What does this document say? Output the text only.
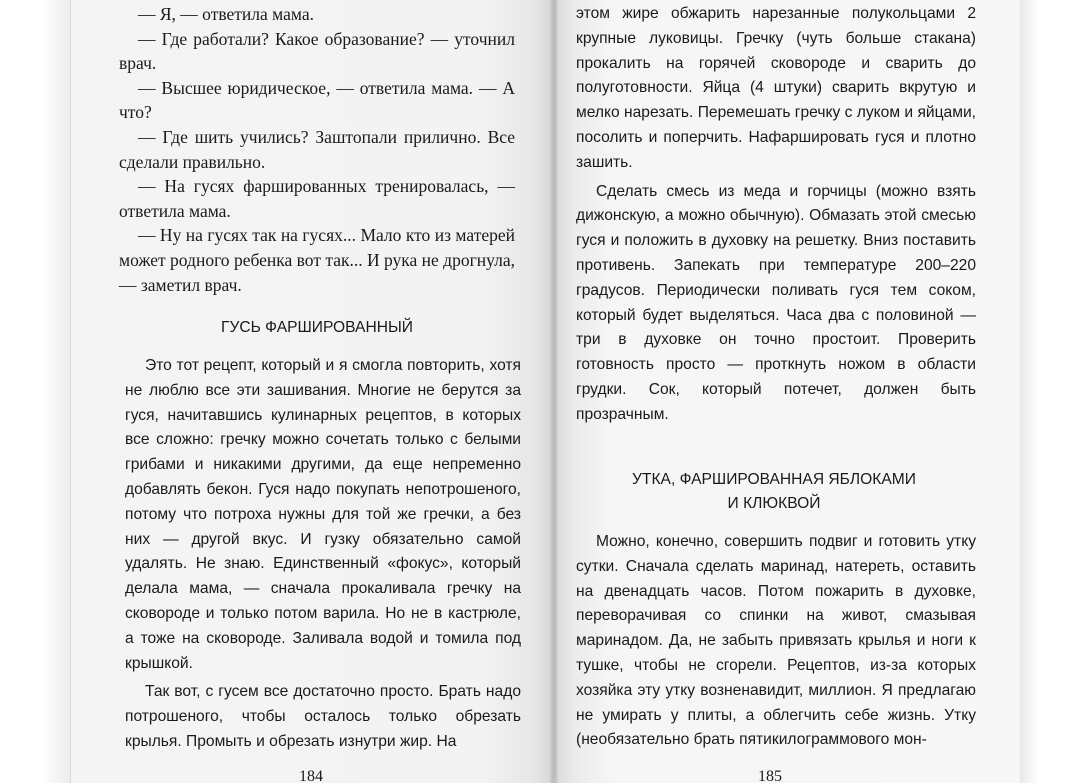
— Я, — ответила мама.

— Где работали? Какое образование? — уточнил врач.

— Высшее юридическое, — ответила мама. — А что?

— Где шить учились? Заштопали прилично. Все сделали правильно.

— На гусях фаршированных тренировалась, — ответила мама.

— Ну на гусях так на гусях... Мало кто из матерей может родного ребенка вот так... И рука не дрогнула, — заметил врач.

ГУСЬ ФАРШИРОВАННЫЙ

Это тот рецепт, который и я смогла повторить, хотя не люблю все эти зашивания. Многие не берутся за гуся, начитавшись кулинарных рецептов, в которых все сложно: гречку можно сочетать только с белыми грибами и никакими другими, да еще непременно добавлять бекон. Гуся надо покупать непотрошеного, потому что потроха нужны для той же гречки, а без них — другой вкус. И гузку обязательно самой удалять. Не знаю. Единственный «фокус», который делала мама, — сначала прокаливала гречку на сковороде и только потом варила. Но не в кастрюле, а тоже на сковороде. Заливала водой и томила под крышкой.

Так вот, с гусем все достаточно просто. Брать надо потрошеного, чтобы осталось только обрезать крылья. Промыть и обрезать изнутри жир. На

184

этом жире обжарить нарезанные полукольцами 2 крупные луковицы. Гречку (чуть больше стакана) прокалить на горячей сковороде и сварить до полуготовности. Яйца (4 штуки) сварить вкрутую и мелко нарезать. Перемешать гречку с луком и яйцами, посолить и поперчить. Нафаршировать гуся и плотно зашить.

Сделать смесь из меда и горчицы (можно взять дижонскую, а можно обычную). Обмазать этой смесью гуся и положить в духовку на решетку. Вниз поставить противень. Запекать при температуре 200–220 градусов. Периодически поливать гуся тем соком, который будет выделяться. Часа два с половиной — три в духовке он точно простоит. Проверить готовность просто — проткнуть ножом в области грудки. Сок, который потечет, должен быть прозрачным.

УТКА, ФАРШИРОВАННАЯ ЯБЛОКАМИ

И КЛЮКВОЙ

Можно, конечно, совершить подвиг и готовить утку сутки. Сначала сделать маринад, натереть, оставить на двенадцать часов. Потом пожарить в духовке, переворачивая со спинки на живот, смазывая маринадом. Да, не забыть привязать крылья и ноги к тушке, чтобы не сгорели. Рецептов, из-за которых хозяйка эту утку возненавидит, миллион. Я предлагаю не умирать у плиты, а облегчить себе жизнь. Утку (необязательно брать пятикилограммового мон-

185
